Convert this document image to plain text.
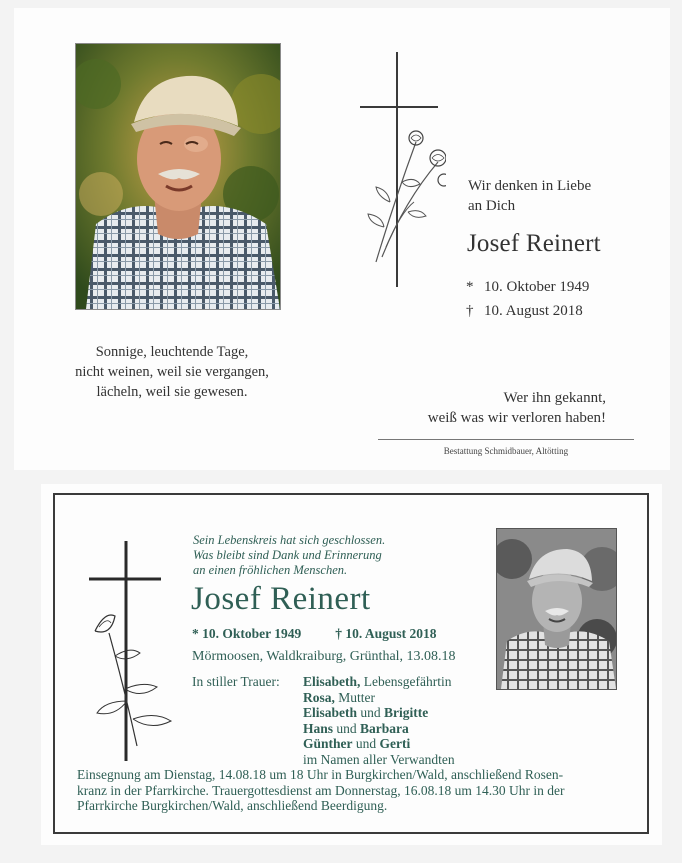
Sonnige, leuchtende Tage,
nicht weinen, weil sie vergangen,
lächeln, weil sie gewesen.
Wir denken in Liebe
an Dich
Josef Reinert
* 10. Oktober 1949
† 10. August 2018
Wer ihn gekannt,
weiß was wir verloren haben!
Bestattung Schmidbauer, Altötting
Sein Lebenskreis hat sich geschlossen.
Was bleibt sind Dank und Erinnerung
an einen fröhlichen Menschen.
Josef Reinert
* 10. Oktober 1949	† 10. August 2018
Mörmoosen, Waldkraiburg, Grünthal, 13.08.18
In stiller Trauer: Elisabeth, Lebensgefährtin
Rosa, Mutter
Elisabeth und Brigitte
Hans und Barbara
Günther und Gerti
im Namen aller Verwandten
Einsegnung am Dienstag, 14.08.18 um 18 Uhr in Burgkirchen/Wald, anschließend Rosen-
kranz in der Pfarrkirche. Trauergottesdienst am Donnerstag, 16.08.18 um 14.30 Uhr in der
Pfarrkirche Burgkirchen/Wald, anschließend Beerdigung.
